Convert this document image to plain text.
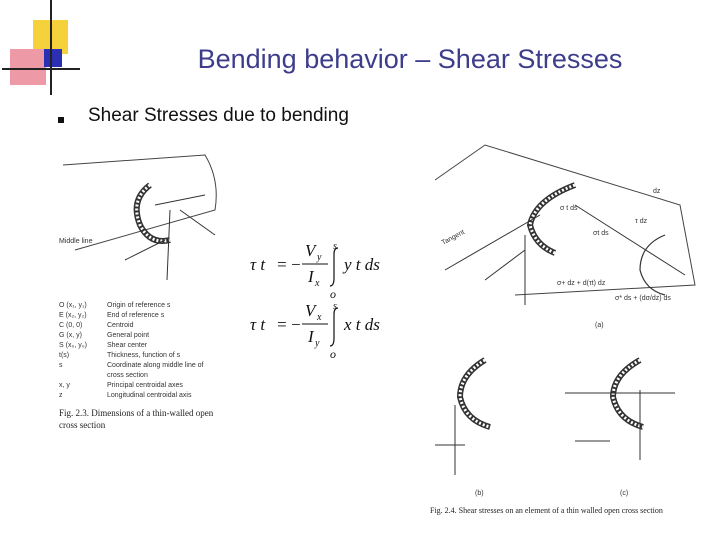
Bending behavior – Shear Stresses
Shear Stresses due to bending
Middle line
O (x₁, y₁)	Origin of reference s
E (x₂, y₂)	End of reference s
C (0, 0)	Centroid
G (x, y)	General point
S (x₀, y₀)	Shear center
t(s)	Thickness, function of s
s	Coordinate along middle line of
cross section
x, y	Principal centroidal axes
z	Longitudinal centroidal axis
Fig. 2.3. Dimensions of a thin-walled open
cross section
τ t = −
V y
I x
s
o
y t ds
τ t = −
V x
I y
s
o
x t ds
Tangent
dz
σ t ds
σ+ dz + d(τt) dz
σ* ds + (dσ/dz) ds
τ dz
σt ds
(a)
(b)	(c)
Fig. 2.4. Shear stresses on an element of a thin walled open cross section
